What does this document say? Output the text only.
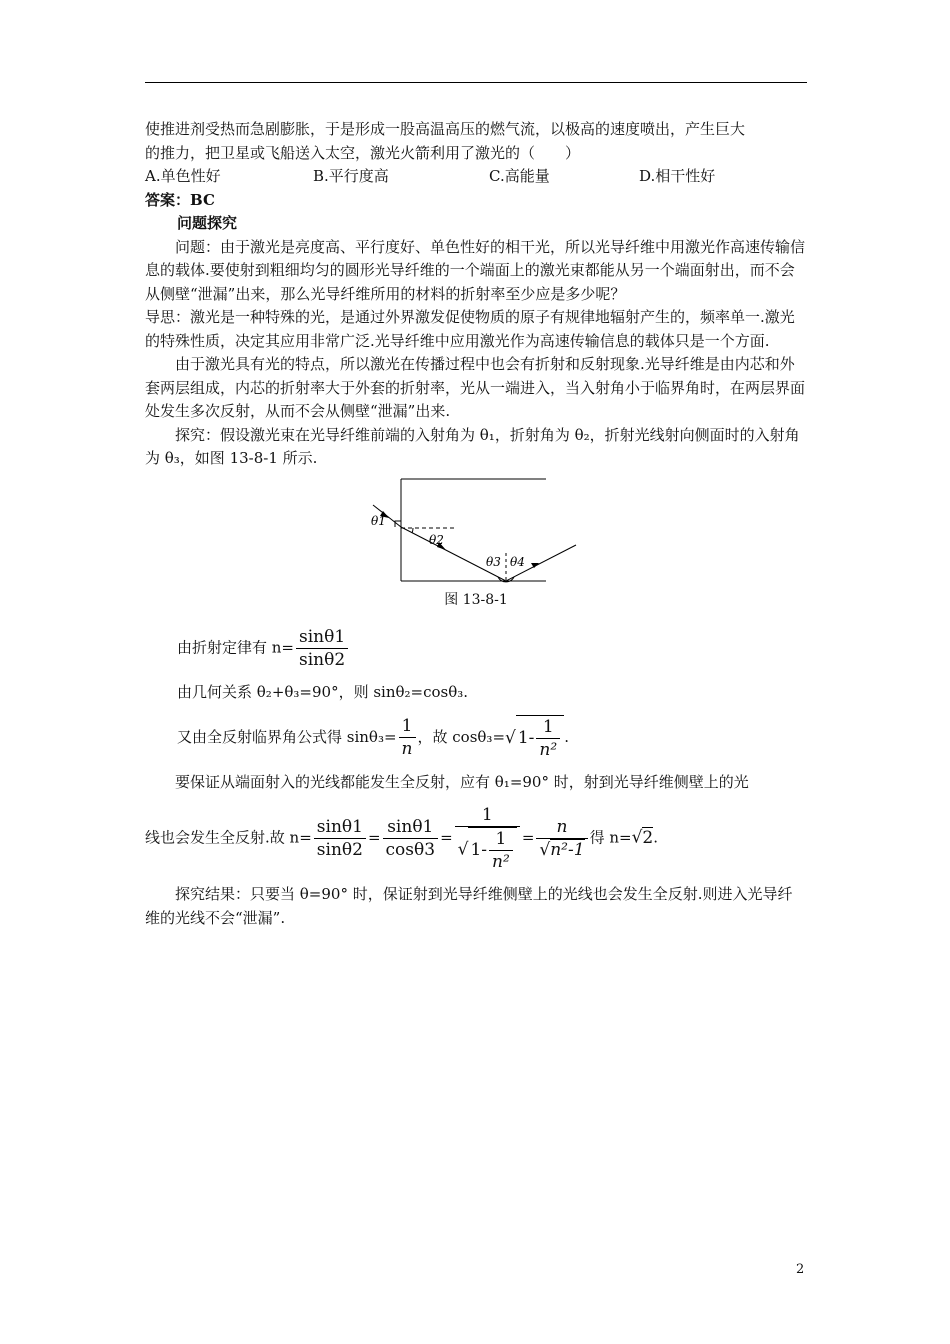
使推进剂受热而急剧膨胀，于是形成一股高温高压的燃气流，以极高的速度喷出，产生巨大

的推力，把卫星或飞船送入太空，激光火箭利用了激光的（　　）

A.单色性好	B.平行度高	C.高能量	D.相干性好

答案：BC

问题探究

问题：由于激光是亮度高、平行度好、单色性好的相干光，所以光导纤维中用激光作高速传输信息的载体.要使射到粗细均匀的圆形光导纤维的一个端面上的激光束都能从另一个端面射出，而不会从侧壁“泄漏”出来，那么光导纤维所用的材料的折射率至少应是多少呢？

导思：激光是一种特殊的光，是通过外界激发促使物质的原子有规律地辐射产生的，频率单一.激光的特殊性质，决定其应用非常广泛.光导纤维中应用激光作为高速传输信息的载体只是一个方面.

由于激光具有光的特点，所以激光在传播过程中也会有折射和反射现象.光导纤维是由内芯和外套两层组成，内芯的折射率大于外套的折射率，光从一端进入，当入射角小于临界角时，在两层界面处发生多次反射，从而不会从侧壁“泄漏”出来.

探究：假设激光束在光导纤维前端的入射角为 θ₁，折射角为 θ₂，折射光线射向侧面时的入射角为 θ₃，如图 13-8-1 所示.

θ1
θ2
θ3 θ4

图 13-8-1

由折射定律有 $n= \frac{\sin\theta 1}{\sin\theta 2}$

由几何关系 θ₂+θ₃=90°，则 sinθ₂=cosθ₃.

又由全反射临界角公式得 $\sin\theta_3= \frac{1}{n}$ ，故 cosθ₃=√ $1- \frac{1}{\text{n²}}$ .

要保证从端面射入的光线都能发生全反射，应有 θ₁=90° 时，射到光导纤维侧壁上的光

线也会发生全反射.故 $n= \frac{\sin\theta 1}{\sin\theta 2} = \frac{\sin\theta 1}{\cos\theta 3} = \frac{1}{√ 1- \frac{1}{\text{n²}}} = \frac{n}{\text{√n²-1}}$ 得 n=√2.

探究结果：只要当 θ=90° 时，保证射到光导纤维侧壁上的光线也会发生全反射.则进入光导纤维的光线不会“泄漏”.

2
